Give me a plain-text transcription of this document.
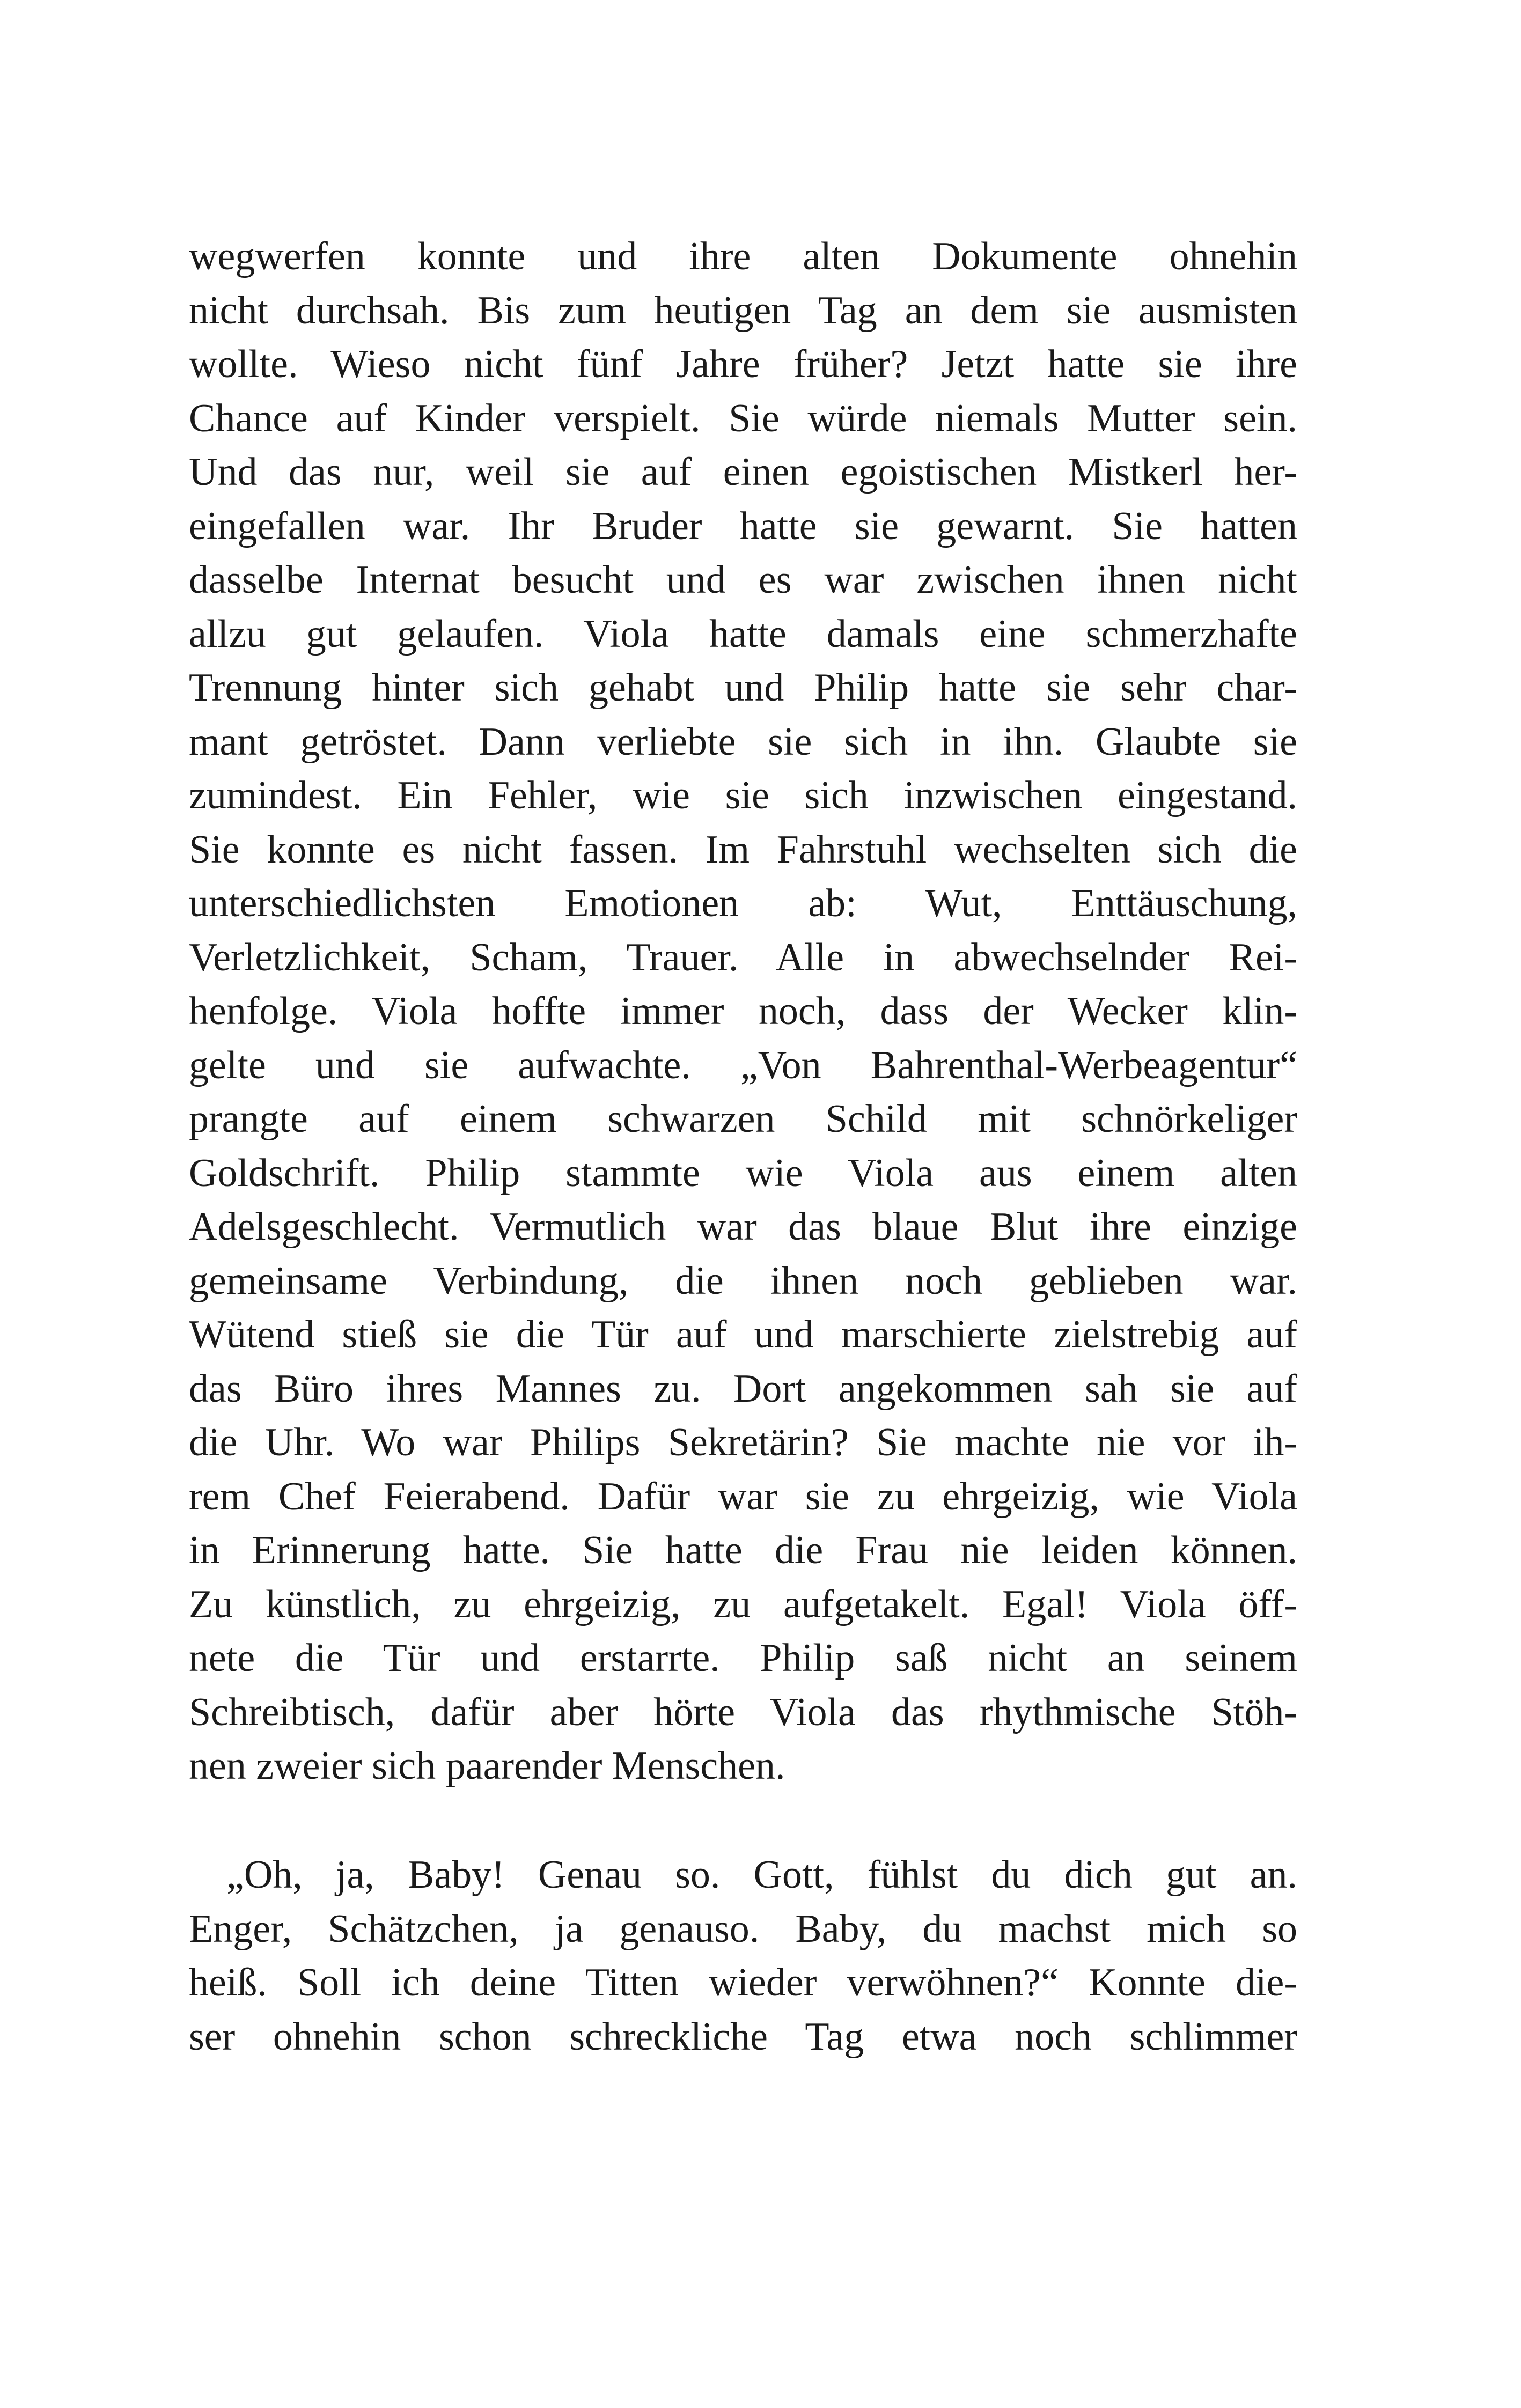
wegwerfen konnte und ihre alten Dokumente ohnehin
nicht durchsah. Bis zum heutigen Tag an dem sie ausmisten
wollte. Wieso nicht fünf Jahre früher? Jetzt hatte sie ihre
Chance auf Kinder verspielt. Sie würde niemals Mutter sein.
Und das nur, weil sie auf einen egoistischen Mistkerl her-
eingefallen war. Ihr Bruder hatte sie gewarnt. Sie hatten
dasselbe Internat besucht und es war zwischen ihnen nicht
allzu gut gelaufen. Viola hatte damals eine schmerzhafte
Trennung hinter sich gehabt und Philip hatte sie sehr char-
mant getröstet. Dann verliebte sie sich in ihn. Glaubte sie
zumindest. Ein Fehler, wie sie sich inzwischen eingestand.
Sie konnte es nicht fassen. Im Fahrstuhl wechselten sich die
unterschiedlichsten Emotionen ab: Wut, Enttäuschung,
Verletzlichkeit, Scham, Trauer. Alle in abwechselnder Rei-
henfolge. Viola hoffte immer noch, dass der Wecker klin-
gelte und sie aufwachte. „Von Bahrenthal-Werbeagentur“
prangte auf einem schwarzen Schild mit schnörkeliger
Goldschrift. Philip stammte wie Viola aus einem alten
Adelsgeschlecht. Vermutlich war das blaue Blut ihre einzige
gemeinsame Verbindung, die ihnen noch geblieben war.
Wütend stieß sie die Tür auf und marschierte zielstrebig auf
das Büro ihres Mannes zu. Dort angekommen sah sie auf
die Uhr. Wo war Philips Sekretärin? Sie machte nie vor ih-
rem Chef Feierabend. Dafür war sie zu ehrgeizig, wie Viola
in Erinnerung hatte. Sie hatte die Frau nie leiden können.
Zu künstlich, zu ehrgeizig, zu aufgetakelt. Egal! Viola öff-
nete die Tür und erstarrte. Philip saß nicht an seinem
Schreibtisch, dafür aber hörte Viola das rhythmische Stöh-
nen zweier sich paarender Menschen.
„Oh, ja, Baby! Genau so. Gott, fühlst du dich gut an.
Enger, Schätzchen, ja genauso. Baby, du machst mich so
heiß. Soll ich deine Titten wieder verwöhnen?“ Konnte die-
ser ohnehin schon schreckliche Tag etwa noch schlimmer
